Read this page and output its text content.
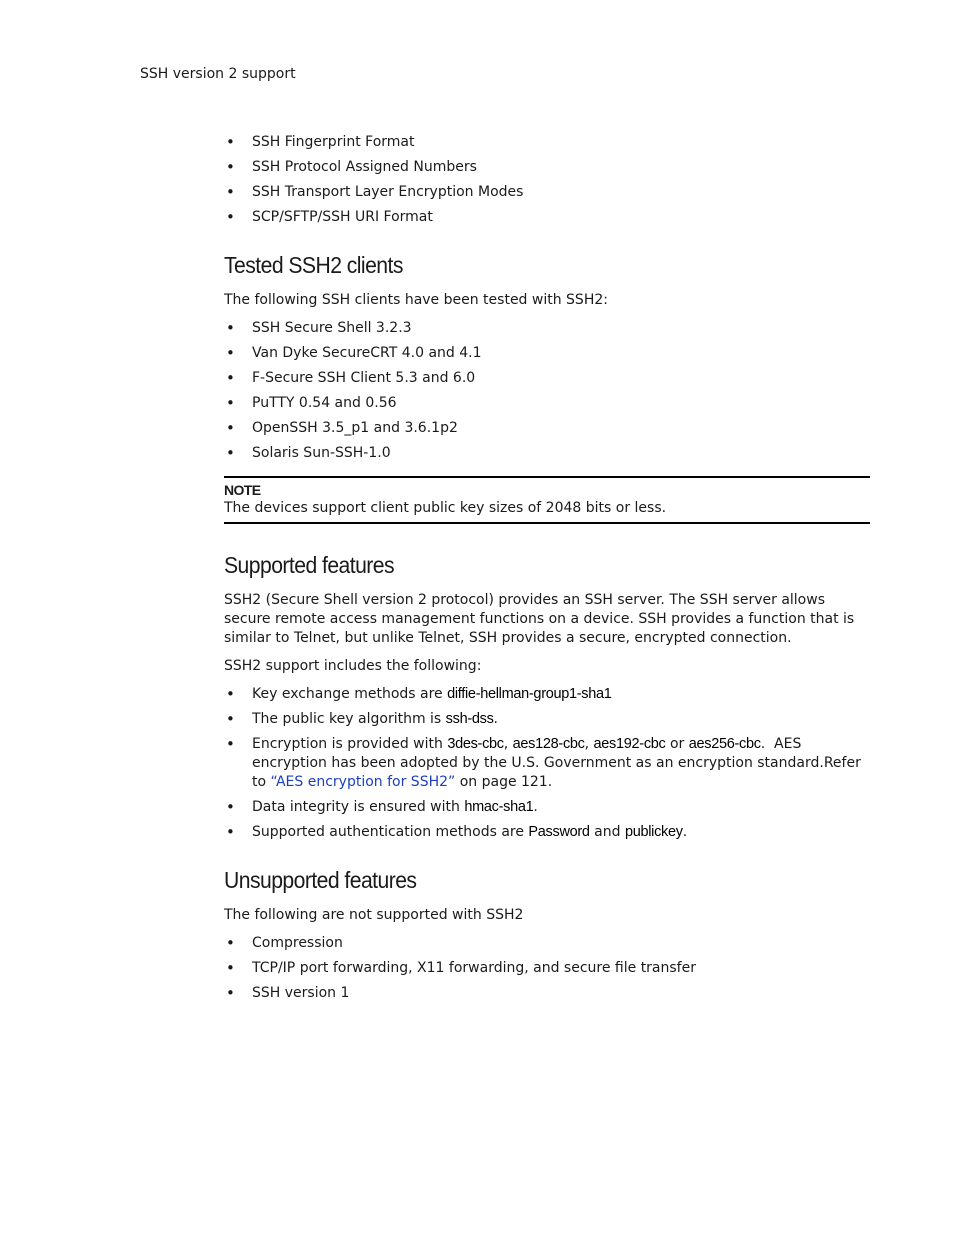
SSH version 2 support
• SSH Fingerprint Format
• SSH Protocol Assigned Numbers
• SSH Transport Layer Encryption Modes
• SCP/SFTP/SSH URI Format
Tested SSH2 clients

The following SSH clients have been tested with SSH2:

• SSH Secure Shell 3.2.3
• Van Dyke SecureCRT 4.0 and 4.1
• F-Secure SSH Client 5.3 and 6.0
• PuTTY 0.54 and 0.56
• OpenSSH 3.5_p1 and 3.6.1p2
• Solaris Sun-SSH-1.0
NOTE
The devices support client public key sizes of 2048 bits or less.
Supported features

SSH2 (Secure Shell version 2 protocol) provides an SSH server. The SSH server allows secure remote access management functions on a device. SSH provides a function that is similar to Telnet, but unlike Telnet, SSH provides a secure, encrypted connection.

SSH2 support includes the following:

• Key exchange methods are diffie-hellman-group1-sha1
• The public key algorithm is ssh-dss.
• Encryption is provided with 3des-cbc, aes128-cbc, aes192-cbc or aes256-cbc.  AES encryption has been adopted by the U.S. Government as an encryption standard.Refer to “AES encryption for SSH2” on page 121.
• Data integrity is ensured with hmac-sha1.
• Supported authentication methods are Password and publickey.
Unsupported features

The following are not supported with SSH2

• Compression
• TCP/IP port forwarding, X11 forwarding, and secure file transfer
• SSH version 1
